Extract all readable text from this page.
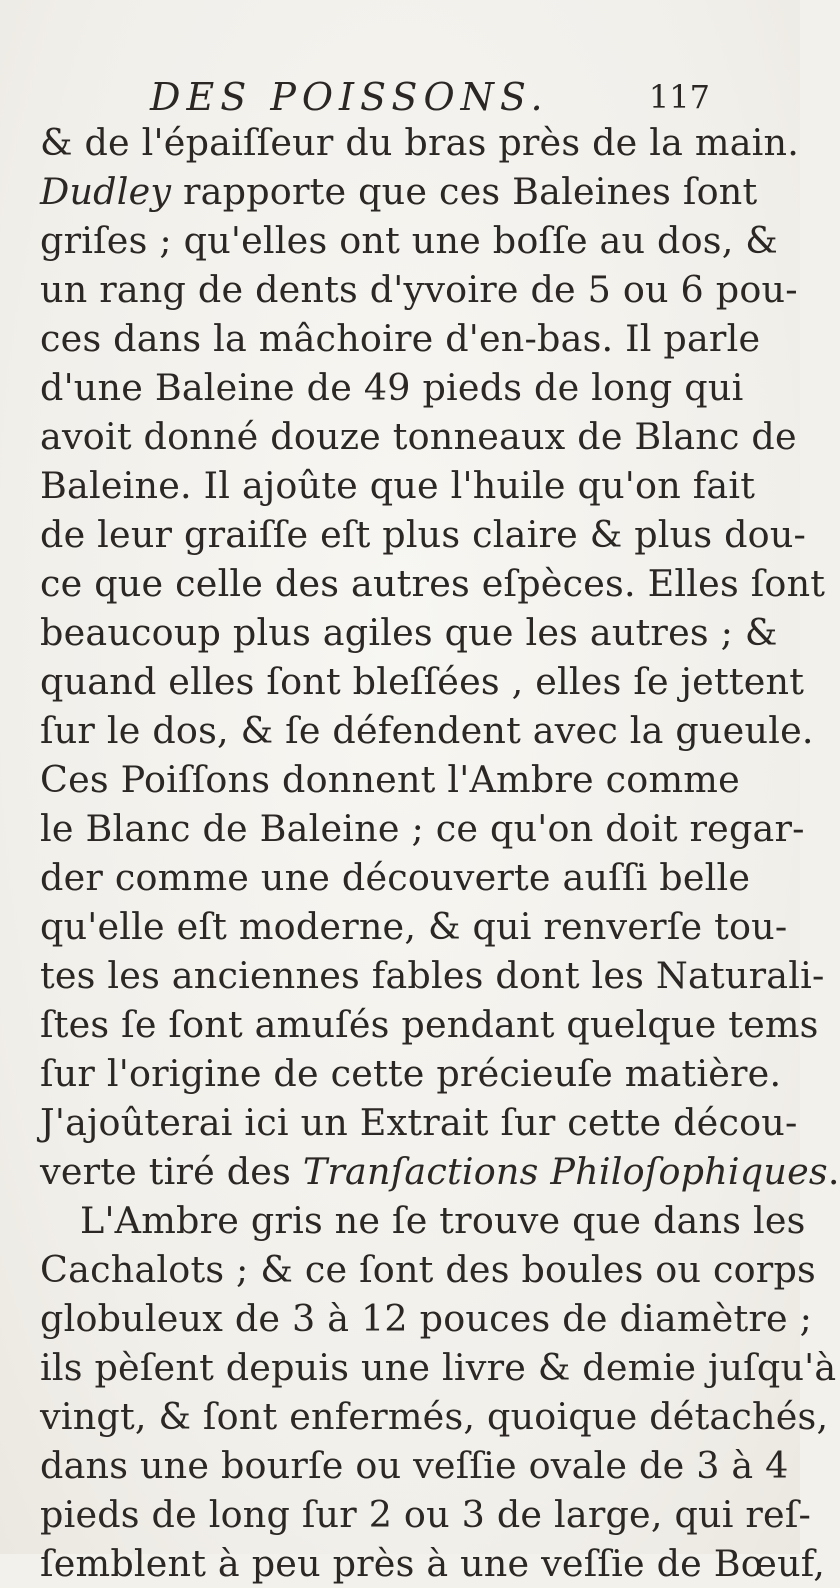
DES POISSONS.	117
& de l'épaiſſeur du bras près de la main.
Dudley rapporte que ces Baleines ſont
griſes ; qu'elles ont une boſſe au dos, &
un rang de dents d'yvoire de 5 ou 6 pou-
ces dans la mâchoire d'en-bas. Il parle
d'une Baleine de 49 pieds de long qui
avoit donné douze tonneaux de Blanc de
Baleine. Il ajoûte que l'huile qu'on fait
de leur graiſſe eſt plus claire & plus dou-
ce que celle des autres eſpèces. Elles ſont
beaucoup plus agiles que les autres ; &
quand elles ſont bleſſées , elles ſe jettent
ſur le dos, & ſe défendent avec la gueule.
Ces Poiſſons donnent l'Ambre comme
le Blanc de Baleine ; ce qu'on doit regar-
der comme une découverte auſſi belle
qu'elle eſt moderne, & qui renverſe tou-
tes les anciennes fables dont les Naturali-
ſtes ſe ſont amuſés pendant quelque tems
ſur l'origine de cette précieuſe matière.
J'ajoûterai ici un Extrait ſur cette décou-
verte tiré des Tranſactions Philoſophiques.
L'Ambre gris ne ſe trouve que dans les
Cachalots ; & ce ſont des boules ou corps
globuleux de 3 à 12 pouces de diamètre ;
ils pèſent depuis une livre & demie juſqu'à
vingt, & ſont enfermés, quoique détachés,
dans une bourſe ou veſſie ovale de 3 à 4
pieds de long ſur 2 ou 3 de large, qui reſ-
ſemblent à peu près à une veſſie de Bœuf,
